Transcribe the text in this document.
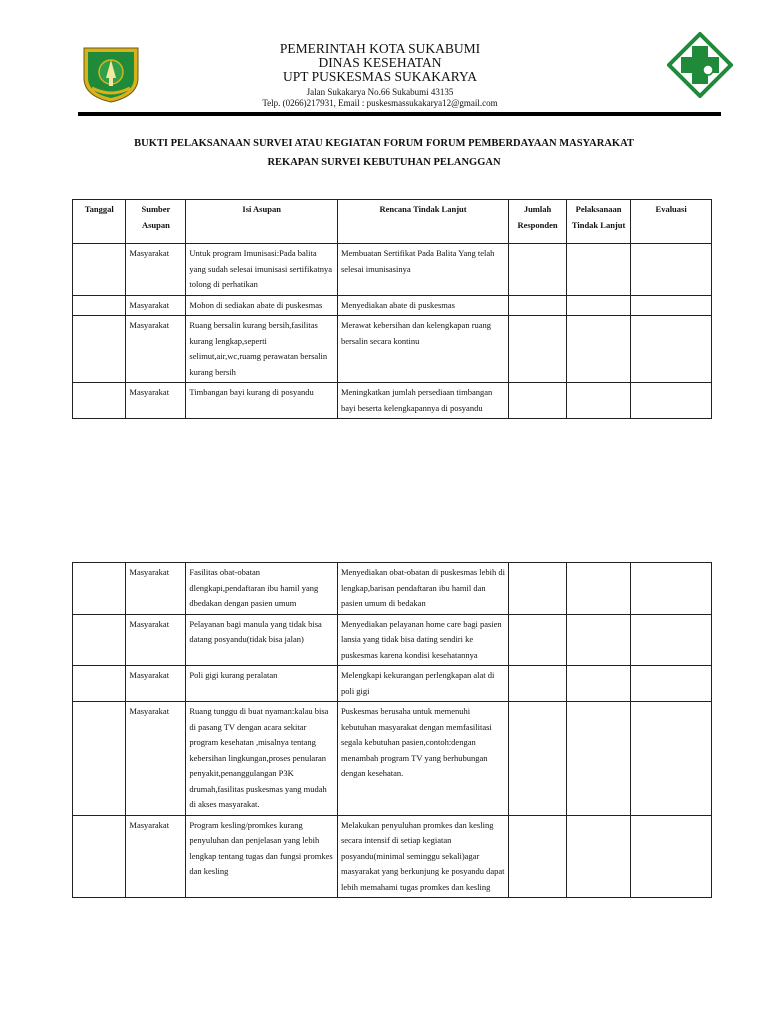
PEMERINTAH KOTA SUKABUMI
DINAS KESEHATAN
UPT PUSKESMAS SUKAKARYA
Jalan Sukakarya No.66 Sukabumi 43135
Telp. (0266)217931, Email : puskesmassukakarya12@gmail.com
BUKTI PELAKSANAAN SURVEI ATAU KEGIATAN FORUM FORUM PEMBERDAYAAN MASYARAKAT
REKAPAN SURVEI KEBUTUHAN PELANGGAN
Tanggal	Sumber Asupan	Isi Asupan	Rencana Tindak Lanjut	Jumlah Responden	Pelaksanaan Tindak Lanjut	Evaluasi
	Masyarakat	Untuk program Imunisasi:Pada balita yang sudah selesai imunisasi sertifikatnya tolong di perhatikan	Membuatan Sertifikat Pada Balita Yang telah selesai imunisasinya			
	Masyarakat	Mohon di sediakan abate di puskesmas	Menyediakan abate di puskesmas			
	Masyarakat	Ruang bersalin kurang bersih,fasilitas kurang lengkap,seperti selimut,air,wc,ruamg perawatan bersalin kurang bersih	Merawat kebersihan dan kelengkapan ruang bersalin secara kontinu			
	Masyarakat	Timbangan bayi kurang di posyandu	Meningkatkan jumlah persediaan timbangan bayi beserta kelengkapannya di posyandu			
	Masyarakat	Fasilitas obat-obatan dlengkapi,pendaftaran ibu hamil yang dbedakan dengan pasien umum	Menyediakan obat-obatan di puskesmas lebih di lengkap,barisan pendaftaran ibu hamil dan pasien umum di bedakan			
	Masyarakat	Pelayanan bagi manula yang tidak bisa datang posyandu(tidak bisa jalan)	Menyediakan pelayanan home care bagi pasien lansia yang tidak bisa dating sendiri ke puskesmas karena kondisi kesehatannya			
	Masyarakat	Poli gigi kurang peralatan	Melengkapi kekurangan perlengkapan alat di poli gigi			
	Masyarakat	Ruang tunggu di buat nyaman:kalau bisa di pasang TV dengan acara sekitar program kesehatan ,misalnya tentang kebersihan lingkungan,proses penularan penyakit,penanggulangan P3K drumah,fasilitas puskesmas yang mudah di akses masyarakat.	Puskesmas berusaha untuk memenuhi kebutuhan masyarakat dengan memfasilitasi segala kebutuhan pasien,contoh:dengan menambah program TV yang berhubungan dengan kesehatan.			
	Masyarakat	Program kesling/promkes kurang penyuluhan dan penjelasan yang lebih lengkap tentang tugas dan fungsi promkes dan kesling	Melakukan penyuluhan promkes dan kesling secara intensif di setiap kegiatan posyandu(minimal seminggu sekali)agar masyarakat yang berkunjung ke posyandu dapat lebih memahami tugas promkes dan kesling			
